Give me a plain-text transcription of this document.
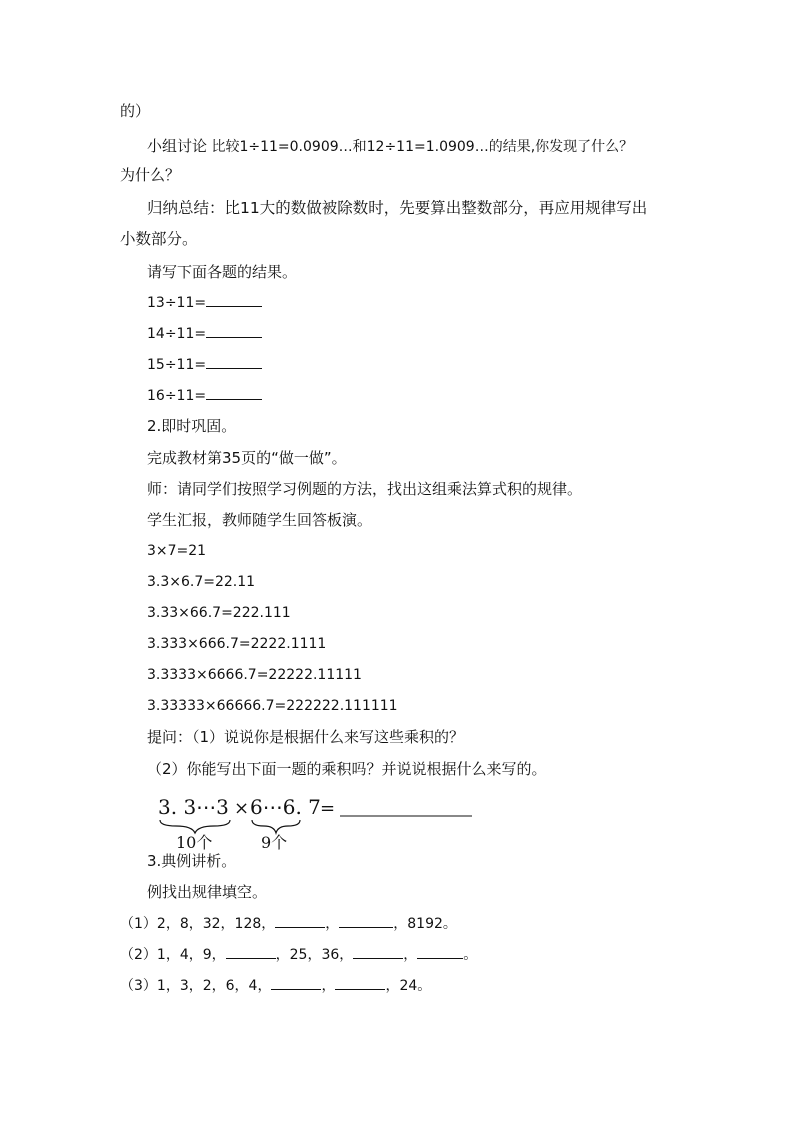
的）
小组讨论 比较1÷11=0.0909…和12÷11=1.0909…的结果,你发现了什么？
为什么？
归纳总结：比11大的数做被除数时，先要算出整数部分，再应用规律写出
小数部分。
请写下面各题的结果。
13÷11=
14÷11=
15÷11=
16÷11=
2.即时巩固。
完成教材第35页的“做一做”。
师：请同学们按照学习例题的方法，找出这组乘法算式积的规律。
学生汇报，教师随学生回答板演。
3×7=21
3.3×6.7=22.11
3.33×66.7=222.111
3.333×666.7=2222.1111
3.3333×6666.7=22222.11111
3.33333×66666.7=222222.111111
提问：（1）说说你是根据什么来写这些乘积的？
（2）你能写出下面一题的乘积吗？并说说根据什么来写的。
3. 3⋯3
10个
× 6⋯6. 7
9个
=
3.典例讲析。
例找出规律填空。
（1）2，8，32，128，	，	，8192。
（2）1，4，9，	，25，36，	，	。
（3）1，3，2，6，4，	，	，24。
